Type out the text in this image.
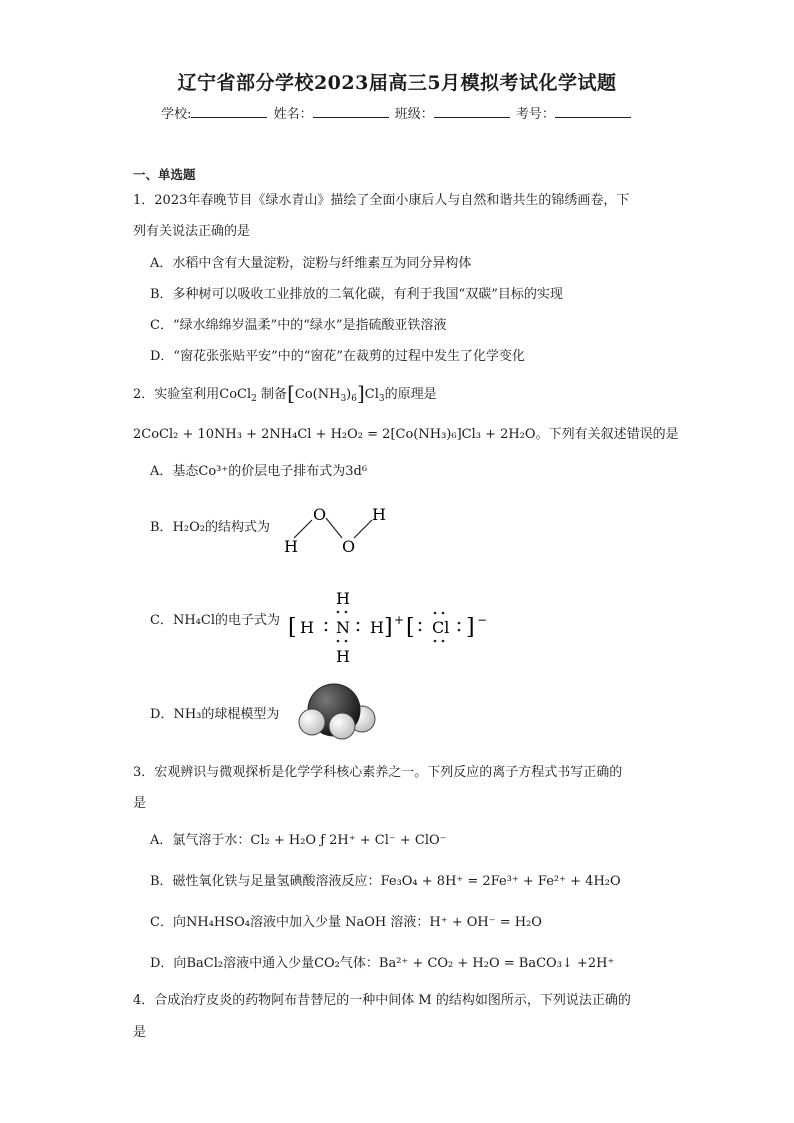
辽宁省部分学校2023届高三5月模拟考试化学试题
学校:	姓名：	班级：	考号：
一、单选题
1．2023年春晚节目《绿水青山》描绘了全面小康后人与自然和谐共生的锦绣画卷，下
列有关说法正确的是
A．水稻中含有大量淀粉，淀粉与纤维素互为同分异构体
B．多种树可以吸收工业排放的二氧化碳，有利于我国“双碳”目标的实现
C．“绿水绵绵岁温柔”中的“绿水”是指硫酸亚铁溶液
D．“窗花张张贴平安”中的“窗花”在裁剪的过程中发生了化学变化
2．实验室利用CoCl$_2$ 制备$[Co(NH_3)_6]Cl_3$的原理是
2CoCl₂ + 10NH₃ + 2NH₄Cl + H₂O₂ = 2[Co(NH₃)₆]Cl₃ + 2H₂O。下列有关叙述错误的是
A．基态Co³⁺的价层电子排布式为3d⁶
B．H₂O₂的结构式为
H
O
O
H
C．NH₄Cl的电子式为 [ H N H
H
H
] + [ Cl ] −
D．NH₃的球棍模型为
3．宏观辨识与微观探析是化学学科核心素养之一。下列反应的离子方程式书写正确的
是
A．氯气溶于水：Cl₂ + H₂O ƒ 2H⁺ + Cl⁻ + ClO⁻
B．磁性氧化铁与足量氢碘酸溶液反应：Fe₃O₄ + 8H⁺ = 2Fe³⁺ + Fe²⁺ + 4H₂O
C．向NH₄HSO₄溶液中加入少量 NaOH 溶液：H⁺ + OH⁻ = H₂O
D．向BaCl₂溶液中通入少量CO₂气体：Ba²⁺ + CO₂ + H₂O = BaCO₃↓ +2H⁺
4．合成治疗皮炎的药物阿布昔替尼的一种中间体 M 的结构如图所示，下列说法正确的
是
